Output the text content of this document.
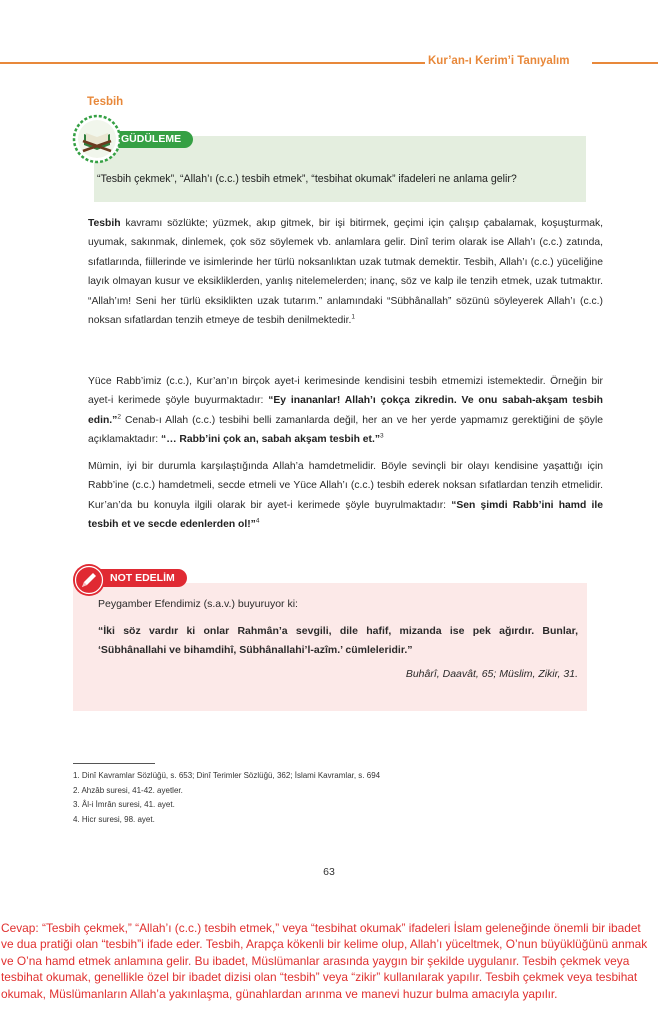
Kur’an-ı Kerim’i Tanıyalım
Tesbih
GÜDÜLEME
“Tesbih çekmek”, “Allah’ı (c.c.) tesbih etmek”, “tesbihat okumak” ifadeleri ne anlama gelir?
Tesbih kavramı sözlükte; yüzmek, akıp gitmek, bir işi bitirmek, geçimi için çalışıp çabalamak, koşuşturmak, uyumak, sakınmak, dinlemek, çok söz söylemek vb. anlamlara gelir. Dinî terim olarak ise Allah’ı (c.c.) zatında, sıfatlarında, fiillerinde ve isimlerinde her türlü noksanlıktan uzak tutmak demektir. Tesbih, Allah’ı (c.c.) yüceliğine layık olmayan kusur ve eksikliklerden, yanlış nitelemelerden; inanç, söz ve kalp ile tenzih etmek, uzak tutmaktır. “Allah’ım! Seni her türlü eksiklikten uzak tutarım.” anlamındaki “Sübhânallah” sözünü söyleyerek Allah’ı (c.c.) noksan sıfatlardan tenzih etmeye de tesbih denilmektedir.$^1$
Yüce Rabb’imiz (c.c.), Kur’an’ın birçok ayet-i kerimesinde kendisini tesbih etmemizi istemektedir. Örneğin bir ayet-i kerimede şöyle buyurmaktadır: “Ey inananlar! Allah’ı çokça zikredin. Ve onu sabah-akşam tesbih edin.”$^2$ Cenab-ı Allah (c.c.) tesbihi belli zamanlarda değil, her an ve her yerde yapmamız gerektiğini de şöyle açıklamaktadır: “… Rabb’ini çok an, sabah akşam tesbih et.”$^3$
Mümin, iyi bir durumla karşılaştığında Allah’a hamdetmelidir. Böyle sevinçli bir olayı kendisine yaşattığı için Rabb’ine (c.c.) hamdetmeli, secde etmeli ve Yüce Allah’ı (c.c.) tesbih ederek noksan sıfatlardan tenzih etmelidir. Kur’an’da bu konuyla ilgili olarak bir ayet-i kerimede şöyle buyrulmaktadır: “Sen şimdi Rabb’ini hamd ile tesbih et ve secde edenlerden ol!”$^4$
NOT EDELİM
Peygamber Efendimiz (s.a.v.) buyuruyor ki:
“İki söz vardır ki onlar Rahmân’a sevgili, dile hafif, mizanda ise pek ağırdır. Bunlar, ‘Sübhânallahi ve bihamdihî, Sübhânallahi’l-azîm.’ cümleleridir.”
Buhârî, Daavât, 65; Müslim, Zikir, 31.
1. Dinî Kavramlar Sözlüğü, s. 653; Dinî Terimler Sözlüğü, 362; İslami Kavramlar, s. 694
2. Ahzâb suresi, 41-42. ayetler.
3. Âl-i İmrân suresi, 41. ayet.
4. Hicr suresi, 98. ayet.
63
Cevap: “Tesbih çekmek,” “Allah’ı (c.c.) tesbih etmek,” veya “tesbihat okumak” ifadeleri İslam geleneğinde önemli bir ibadet ve dua pratiği olan “tesbih”i ifade eder. Tesbih, Arapça kökenli bir kelime olup, Allah’ı yüceltmek, O’nun büyüklüğünü anmak ve O’na hamd etmek anlamına gelir. Bu ibadet, Müslümanlar arasında yaygın bir şekilde uygulanır. Tesbih çekmek veya tesbihat okumak, genellikle özel bir ibadet dizisi olan “tesbih” veya “zikir” kullanılarak yapılır. Tesbih çekmek veya tesbihat okumak, Müslümanların Allah’a yakınlaşma, günahlardan arınma ve manevi huzur bulma amacıyla yapılır.
